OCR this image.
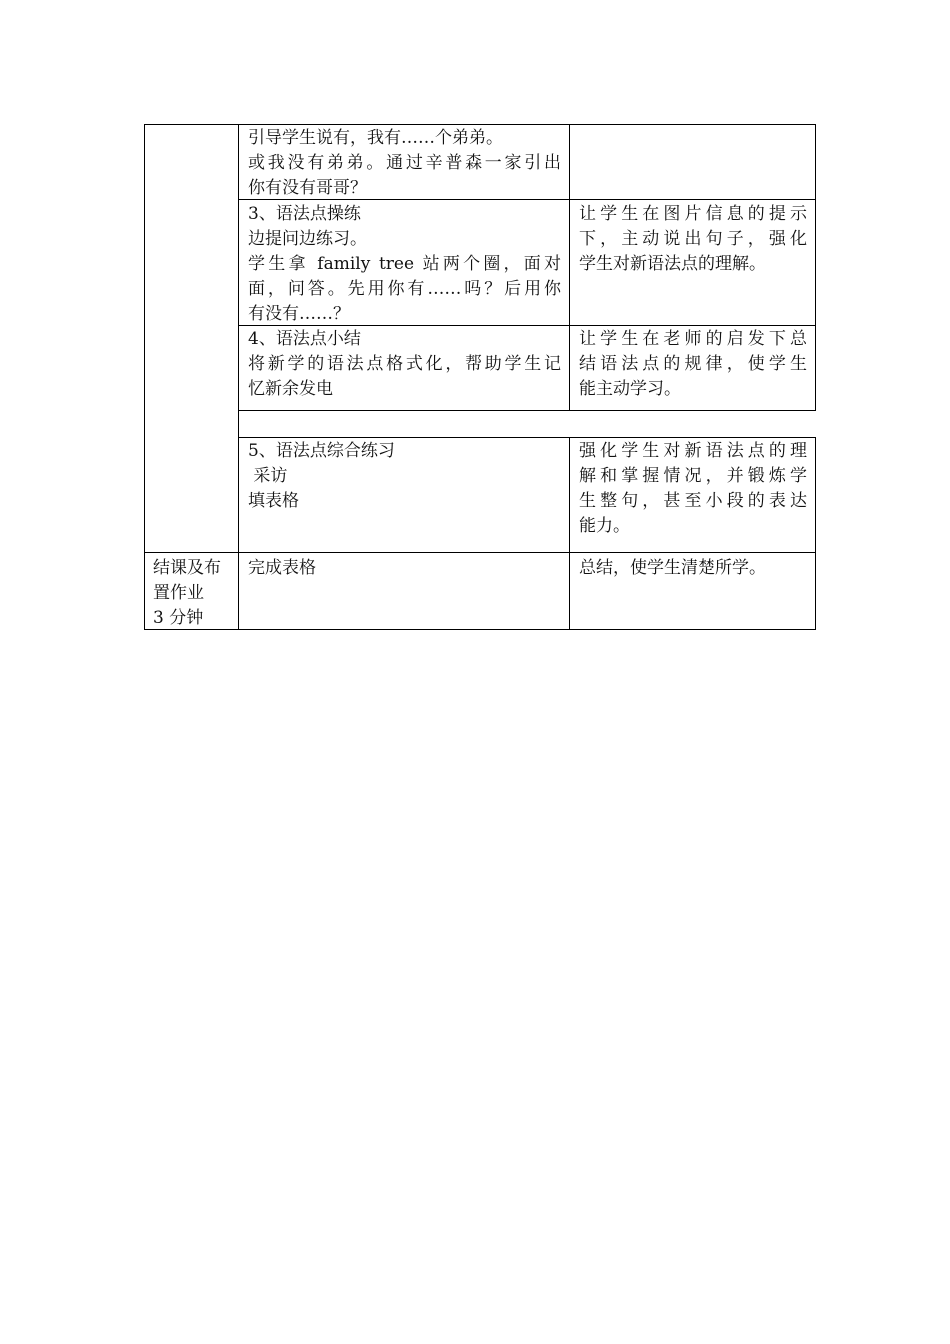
引导学生说有，我有……个弟弟。
或我没有弟弟。通过辛普森一家引出
你有没有哥哥？
3、语法点操练
边提问边练习。
学生拿 family tree 站两个圈，面对
面，问答。先用你有……吗？后用你
有没有……？
让学生在图片信息的提示
下，主动说出句子，强化
学生对新语法点的理解。
4、语法点小结
将新学的语法点格式化，帮助学生记
忆新余发电
让学生在老师的启发下总
结语法点的规律，使学生
能主动学习。
5、语法点综合练习
采访
填表格
强化学生对新语法点的理
解和掌握情况，并锻炼学
生整句，甚至小段的表达
能力。
结课及布
置作业
3 分钟
完成表格	总结，使学生清楚所学。
